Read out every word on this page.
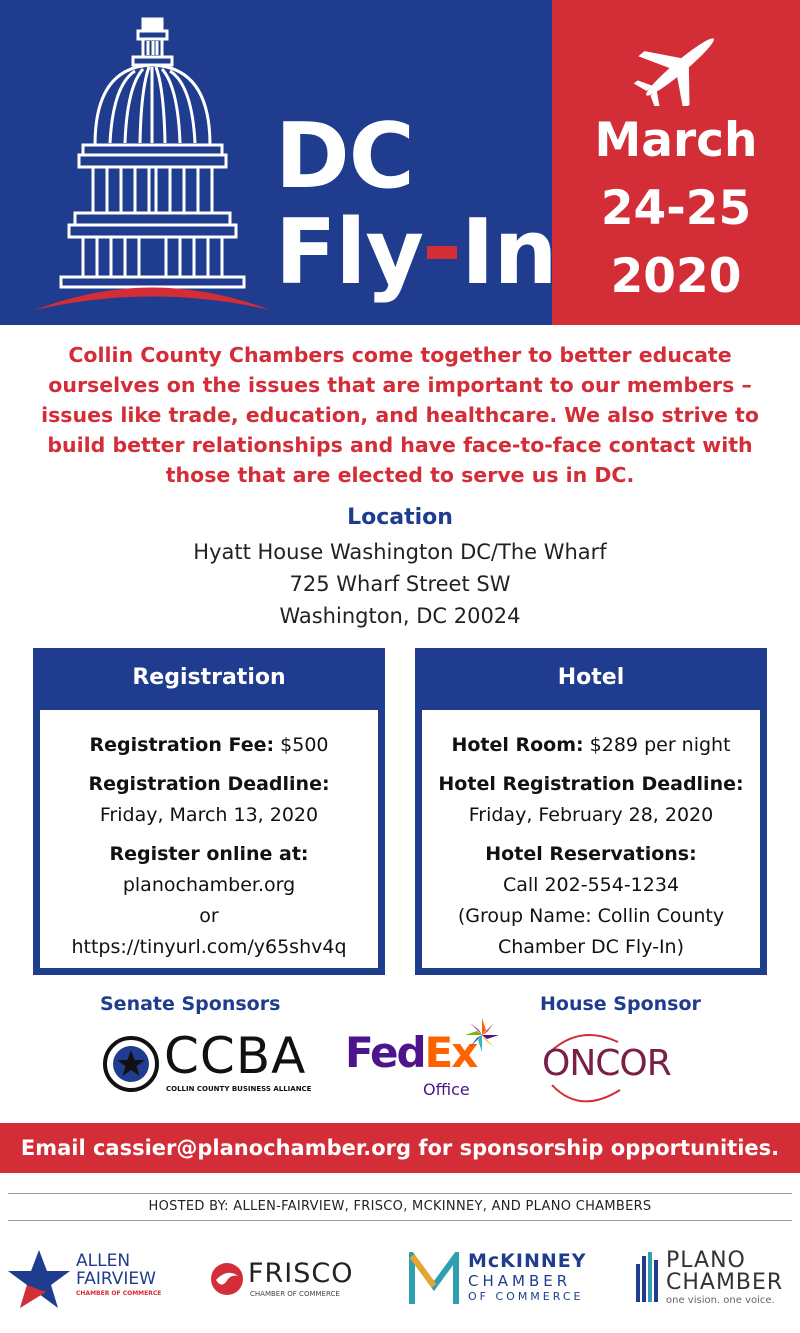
DC
Fly In
March
24-25
2020
Collin County Chambers come together to better educate ourselves on the issues that are important to our members – issues like trade, education, and healthcare. We also strive to build better relationships and have face-to-face contact with those that are elected to serve us in DC.
Location
Hyatt House Washington DC/The Wharf
725 Wharf Street SW
Washington, DC 20024
Registration

Registration Fee: $500

Registration Deadline:

Friday, March 13, 2020

Register online at:

planochamber.org

or

https://tinyurl.com/y65shv4q

Hotel

Hotel Room: $289 per night

Hotel Registration Deadline:

Friday, February 28, 2020

Hotel Reservations:

Call 202-554-1234

(Group Name: Collin County

Chamber DC Fly-In)

Senate Sponsors	House Sponsor
CCBA
COLLIN COUNTY BUSINESS ALLIANCE
FedEx
Office
ONCOR
Email cassier@planochamber.org for sponsorship opportunities.
HOSTED BY: ALLEN-FAIRVIEW, FRISCO, MCKINNEY, AND PLANO CHAMBERS
ALLEN
FAIRVIEW
CHAMBER OF COMMERCE
FRISCO
CHAMBER OF COMMERCE
McKINNEY
CHAMBER
OF COMMERCE
PLANO
CHAMBER
one vision. one voice.
